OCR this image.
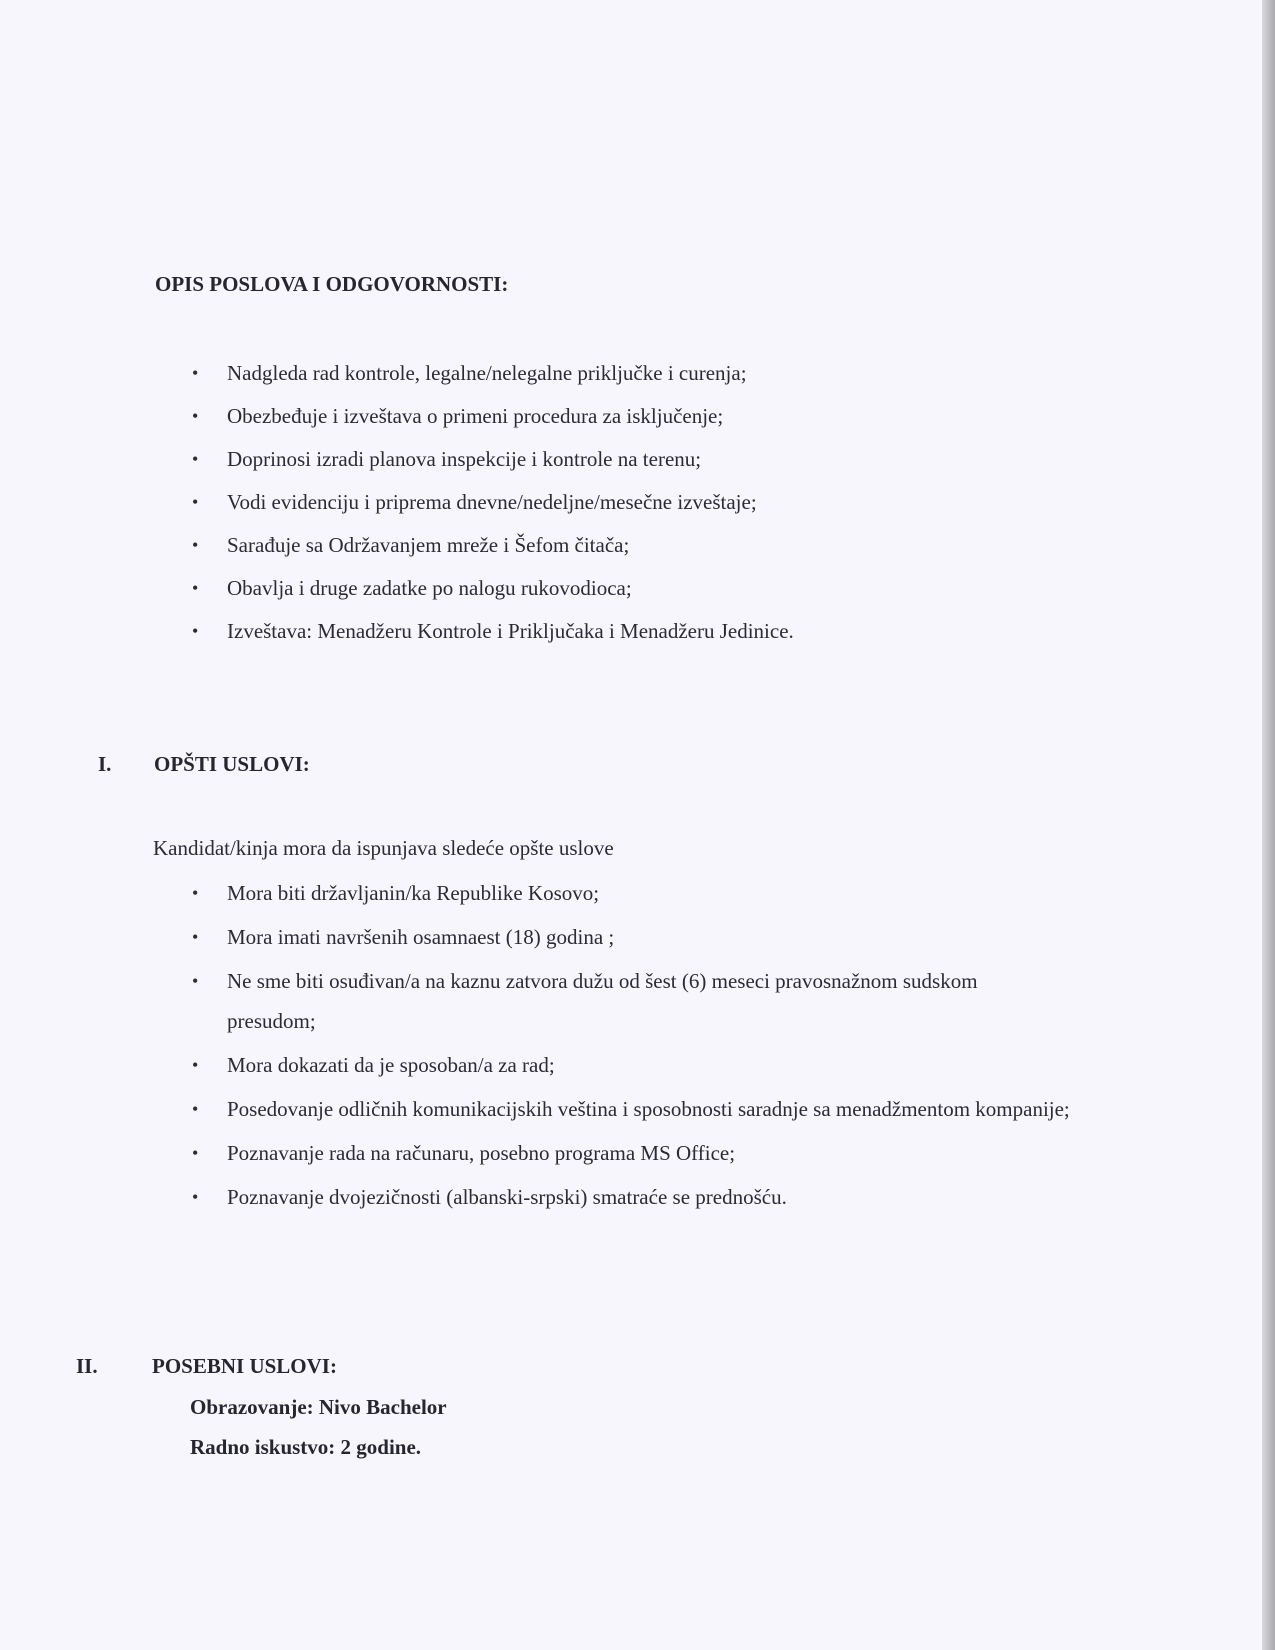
OPIS POSLOVA I ODGOVORNOSTI:
• Nadgleda rad kontrole, legalne/nelegalne priključke i curenja;
• Obezbeđuje i izveštava o primeni procedura za isključenje;
• Doprinosi izradi planova inspekcije i kontrole na terenu;
• Vodi evidenciju i priprema dnevne/nedeljne/mesečne izveštaje;
• Sarađuje sa Održavanjem mreže i Šefom čitača;
• Obavlja i druge zadatke po nalogu rukovodioca;
• Izveštava: Menadžeru Kontrole i Priključaka i Menadžeru Jedinice.
I. OPŠTI USLOVI:

Kandidat/kinja mora da ispunjava sledeće opšte uslove

• Mora biti državljanin/ka Republike Kosovo;
• Mora imati navršenih osamnaest (18) godina ;
• Ne sme biti osuđivan/a na kaznu zatvora dužu od šest (6) meseci pravosnažnom sudskom presudom;
• Mora dokazati da je sposoban/a za rad;
• Posedovanje odličnih komunikacijskih veština i sposobnosti saradnje sa menadžmentom kompanije;
• Poznavanje rada na računaru, posebno programa MS Office;
• Poznavanje dvojezičnosti (albanski-srpski) smatraće se prednošću.
II.	POSEBNI USLOVI:

Obrazovanje: Nivo Bachelor

Radno iskustvo: 2 godine.
